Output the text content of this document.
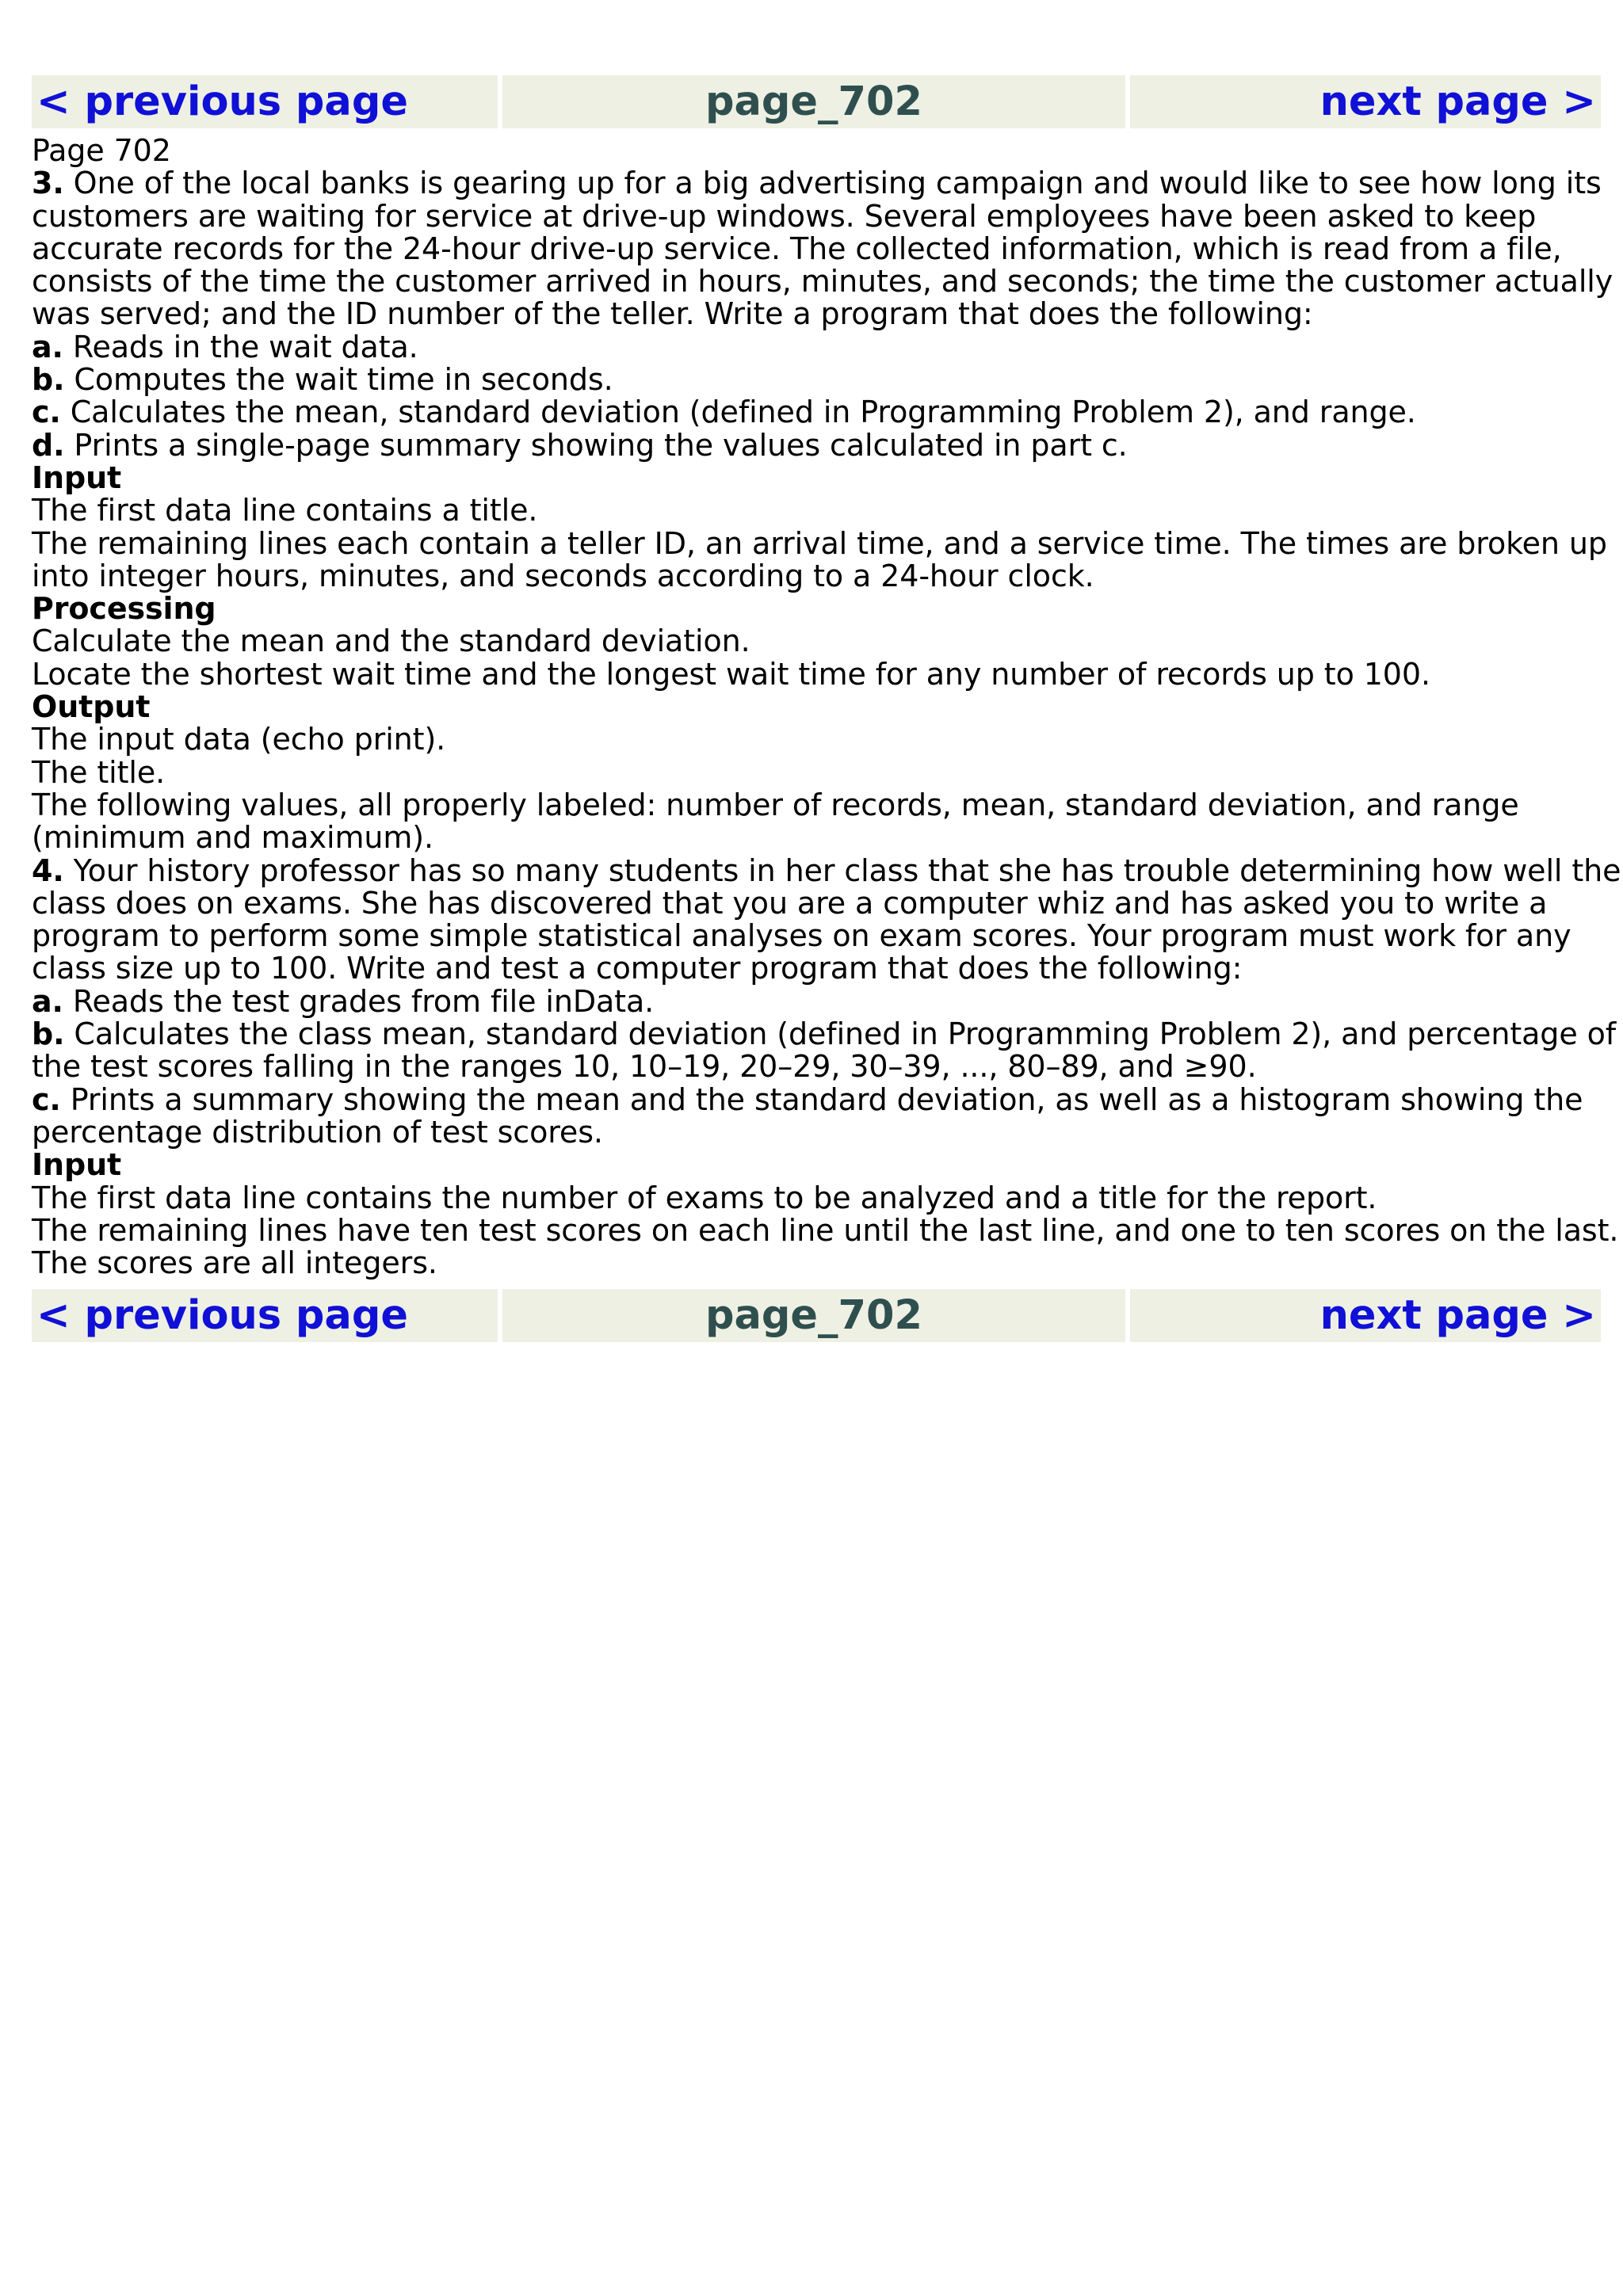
< previous page	page_702	next page >
Page 702
3. One of the local banks is gearing up for a big advertising campaign and would like to see how long its
customers are waiting for service at drive-up windows. Several employees have been asked to keep
accurate records for the 24-hour drive-up service. The collected information, which is read from a file,
consists of the time the customer arrived in hours, minutes, and seconds; the time the customer actually
was served; and the ID number of the teller. Write a program that does the following:
a. Reads in the wait data.
b. Computes the wait time in seconds.
c. Calculates the mean, standard deviation (defined in Programming Problem 2), and range.
d. Prints a single-page summary showing the values calculated in part c.
Input
The first data line contains a title.
The remaining lines each contain a teller ID, an arrival time, and a service time. The times are broken up
into integer hours, minutes, and seconds according to a 24-hour clock.
Processing
Calculate the mean and the standard deviation.
Locate the shortest wait time and the longest wait time for any number of records up to 100.
Output
The input data (echo print).
The title.
The following values, all properly labeled: number of records, mean, standard deviation, and range
(minimum and maximum).
4. Your history professor has so many students in her class that she has trouble determining how well the
class does on exams. She has discovered that you are a computer whiz and has asked you to write a
program to perform some simple statistical analyses on exam scores. Your program must work for any
class size up to 100. Write and test a computer program that does the following:
a. Reads the test grades from file inData.
b. Calculates the class mean, standard deviation (defined in Programming Problem 2), and percentage of
the test scores falling in the ranges 10, 10–19, 20–29, 30–39, ..., 80–89, and ≥90.
c. Prints a summary showing the mean and the standard deviation, as well as a histogram showing the
percentage distribution of test scores.
Input
The first data line contains the number of exams to be analyzed and a title for the report.
The remaining lines have ten test scores on each line until the last line, and one to ten scores on the last.
The scores are all integers.
< previous page	page_702	next page >
